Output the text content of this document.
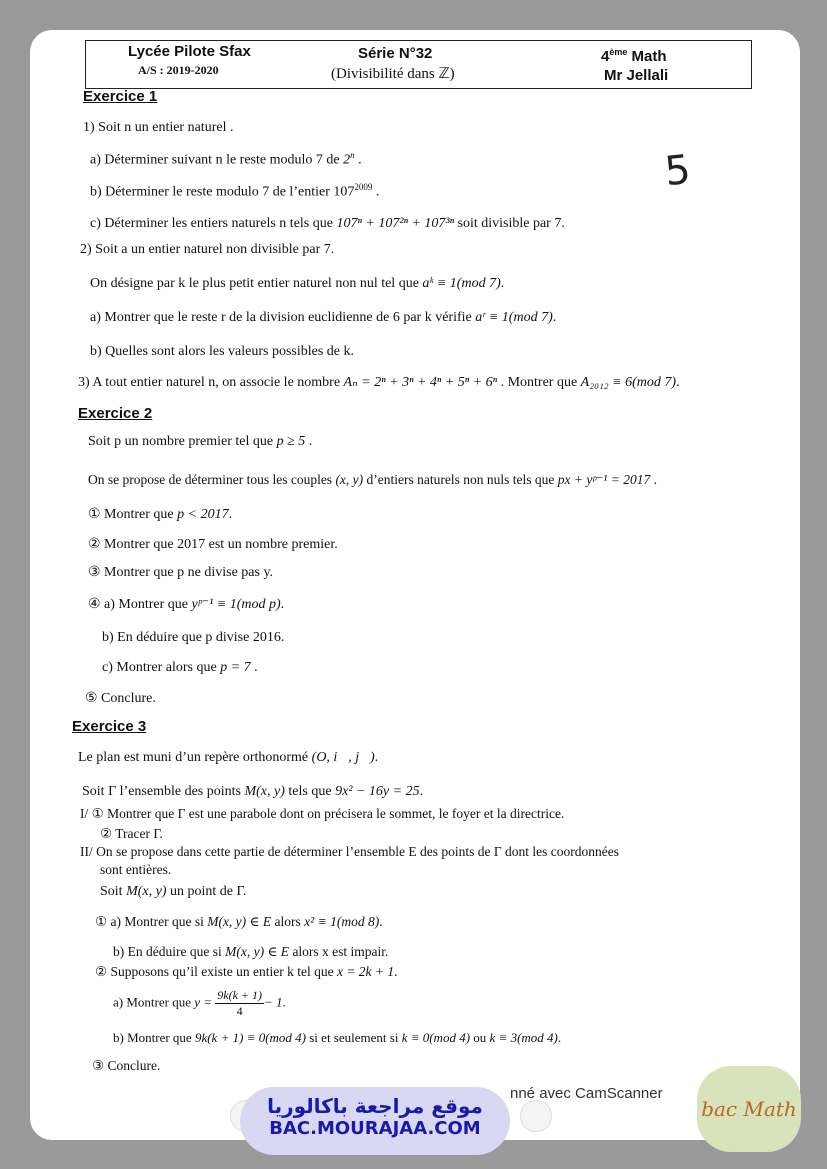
Lycée Pilote Sfax
A/S : 2019-2020
Série N°32
(Divisibilité dans ℤ)
4ème Math
Mr Jellali
5
Exercice 1
1) Soit n un entier naturel .
a) Déterminer suivant n le reste modulo 7 de 2$^n$ .
b) Déterminer le reste modulo 7 de l’entier $107^{2009}$ .
c) Déterminer les entiers naturels n tels que 107ⁿ + 107²ⁿ + 107³ⁿ soit divisible par 7.
2) Soit a un entier naturel non divisible par 7.
On désigne par k le plus petit entier naturel non nul tel que aᵏ ≡ 1(mod 7).
a) Montrer que le reste r de la division euclidienne de 6 par k vérifie aʳ ≡ 1(mod 7).
b) Quelles sont alors les valeurs possibles de k.
3) A tout entier naturel n, on associe le nombre Aₙ = 2ⁿ + 3ⁿ + 4ⁿ + 5ⁿ + 6ⁿ . Montrer que A₂₀₁₂ ≡ 6(mod 7).
Exercice 2
Soit p un nombre premier tel que p ≥ 5 .
On se propose de déterminer tous les couples (x, y) d’entiers naturels non nuls tels que px + yᵖ⁻¹ = 2017 .
① Montrer que p < 2017.
② Montrer que 2017 est un nombre premier.
③ Montrer que p ne divise pas y.
④ a) Montrer que yᵖ⁻¹ ≡ 1(mod p).
b) En déduire que p divise 2016.
c) Montrer alors que p = 7 .
⑤ Conclure.
Exercice 3
Le plan est muni d’un repère orthonormé (O, i⃗, j⃗).
Soit Γ l’ensemble des points M(x, y) tels que 9x² − 16y = 25.
I/ ① Montrer que Γ est une parabole dont on précisera le sommet, le foyer et la directrice.
② Tracer Γ.
II/ On se propose dans cette partie de déterminer l’ensemble E des points de Γ dont les coordonnées
sont entières.
Soit M(x, y) un point de Γ.
① a) Montrer que si M(x, y) ∈ E alors x² ≡ 1(mod 8).
b) En déduire que si M(x, y) ∈ E alors x est impair.
② Supposons qu’il existe un entier k tel que x = 2k + 1.
a) Montrer que $y = \frac{9k(k + 1)}{4} - 1$.
b) Montrer que 9k(k + 1) ≡ 0(mod 4) si et seulement si k ≡ 0(mod 4) ou k ≡ 3(mod 4).
③ Conclure.
موقع مراجعة باكالوريا
BAC.MOURAJAA.COM
nné avec CamScanner
bac Math
